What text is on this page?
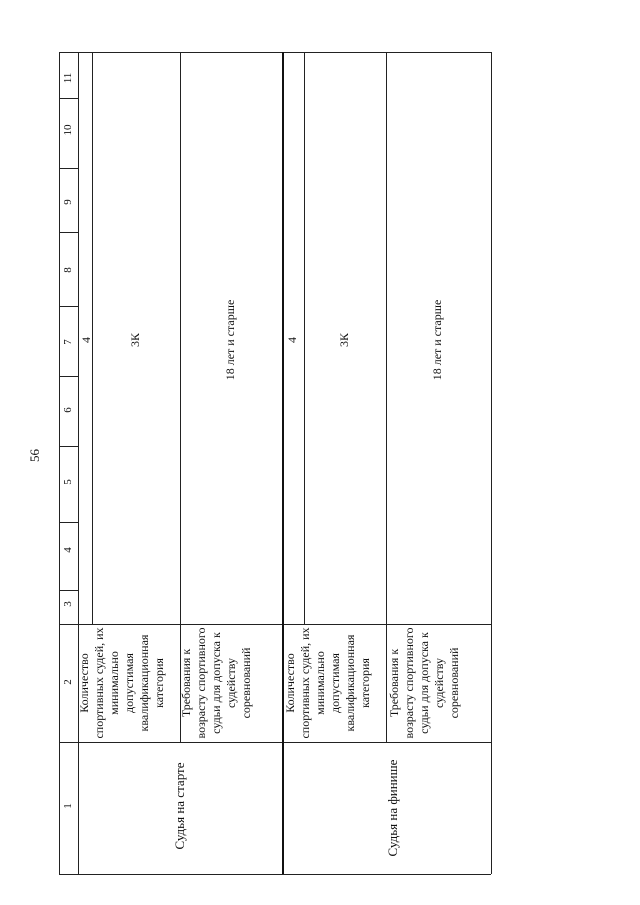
56
1
2
3
4
5
6
7
8
9
10
11
Судья на старте
Количество спортивных судей, их минимально допустимая квалификационная категория
4	3К
Требования к возрасту спортивного судьи для допуска к судейству соревнований
18 лет и старше
Судья на финише
Количество спортивных судей, их минимально допустимая квалификационная категория
4	3К
Требования к возрасту спортивного судьи для допуска к судейству соревнований
18 лет и старше
